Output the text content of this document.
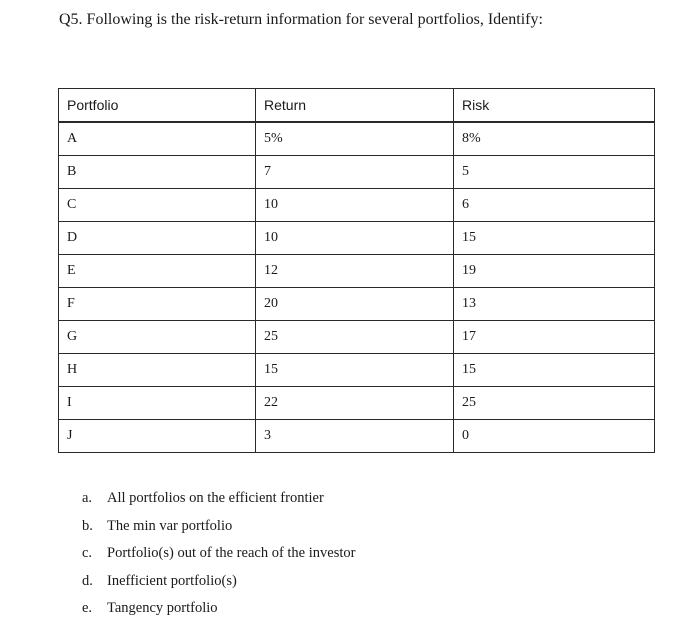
Q5. Following is the risk-return information for several portfolios, Identify:
Portfolio	Return	Risk
A	5%	8%
B	7	5
C	10	6
D	10	15
E	12	19
F	20	13
G	25	17
H	15	15
I	22	25
J	3	0
a. All portfolios on the efficient frontier
b. The min var portfolio
c. Portfolio(s) out of the reach of the investor
d. Inefficient portfolio(s)
e. Tangency portfolio
